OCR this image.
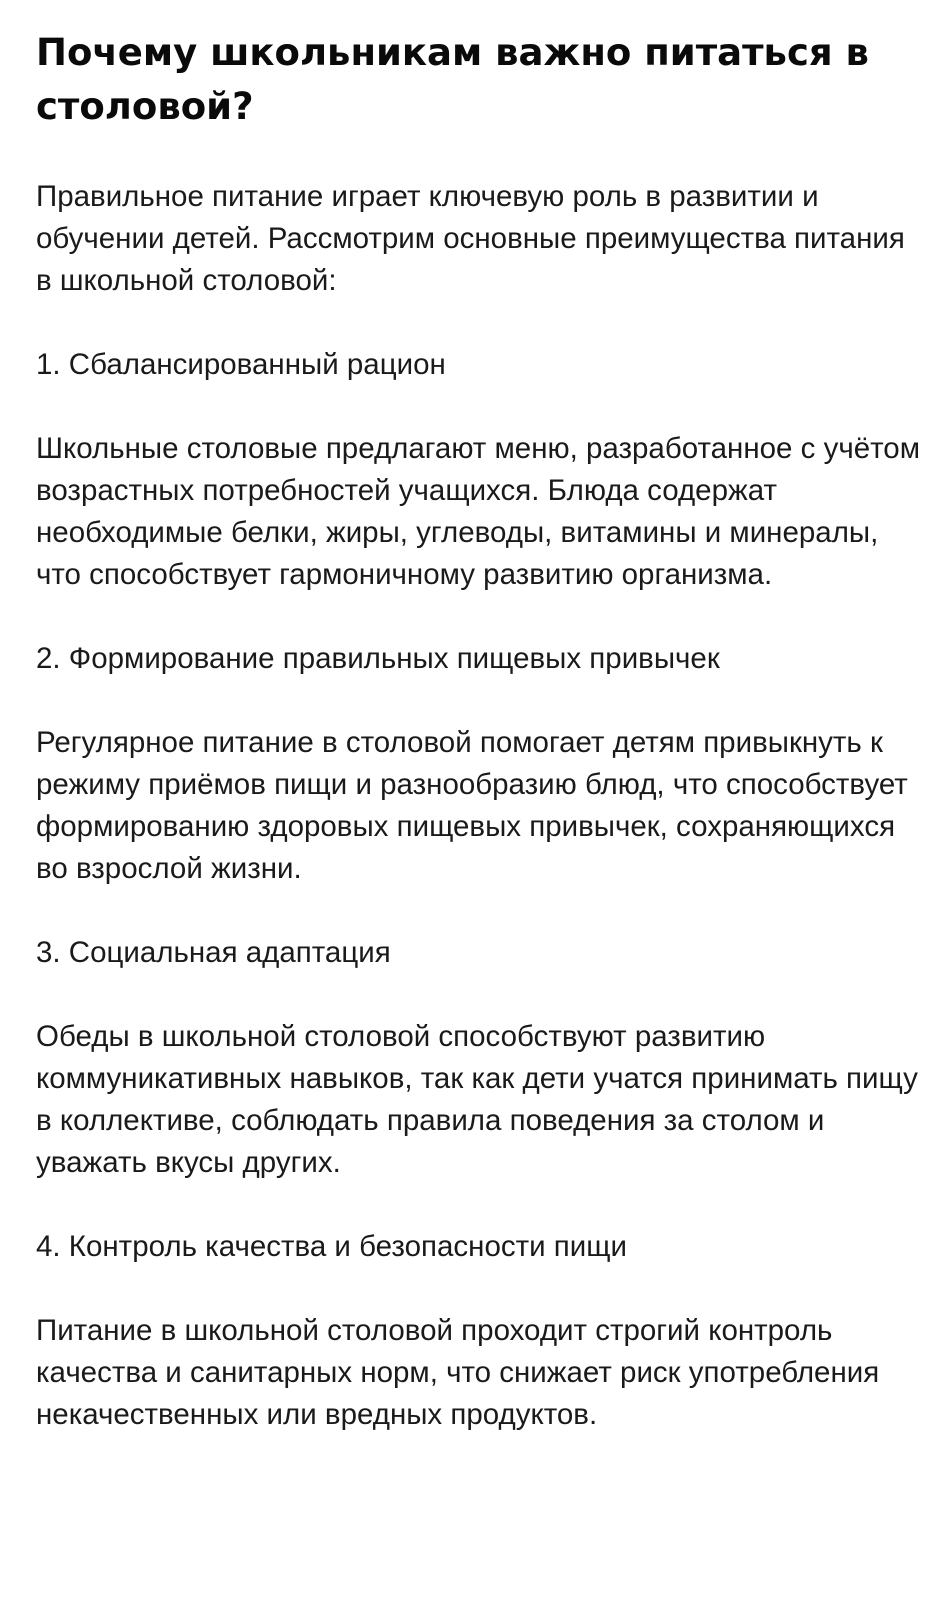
Почему школьникам важно питаться в столовой?

Правильное питание играет ключевую роль в развитии и обучении детей. Рассмотрим основные преимущества питания в школьной столовой:

1. Сбалансированный рацион

Школьные столовые предлагают меню, разработанное с учётом возрастных потребностей учащихся. Блюда содержат необходимые белки, жиры, углеводы, витамины и минералы, что способствует гармоничному развитию организма.

2. Формирование правильных пищевых привычек

Регулярное питание в столовой помогает детям привыкнуть к режиму приёмов пищи и разнообразию блюд, что способствует формированию здоровых пищевых привычек, сохраняющихся во взрослой жизни.

3. Социальная адаптация

Обеды в школьной столовой способствуют развитию коммуникативных навыков, так как дети учатся принимать пищу в коллективе, соблюдать правила поведения за столом и уважать вкусы других.

4. Контроль качества и безопасности пищи

Питание в школьной столовой проходит строгий контроль качества и санитарных норм, что снижает риск употребления некачественных или вредных продуктов.
